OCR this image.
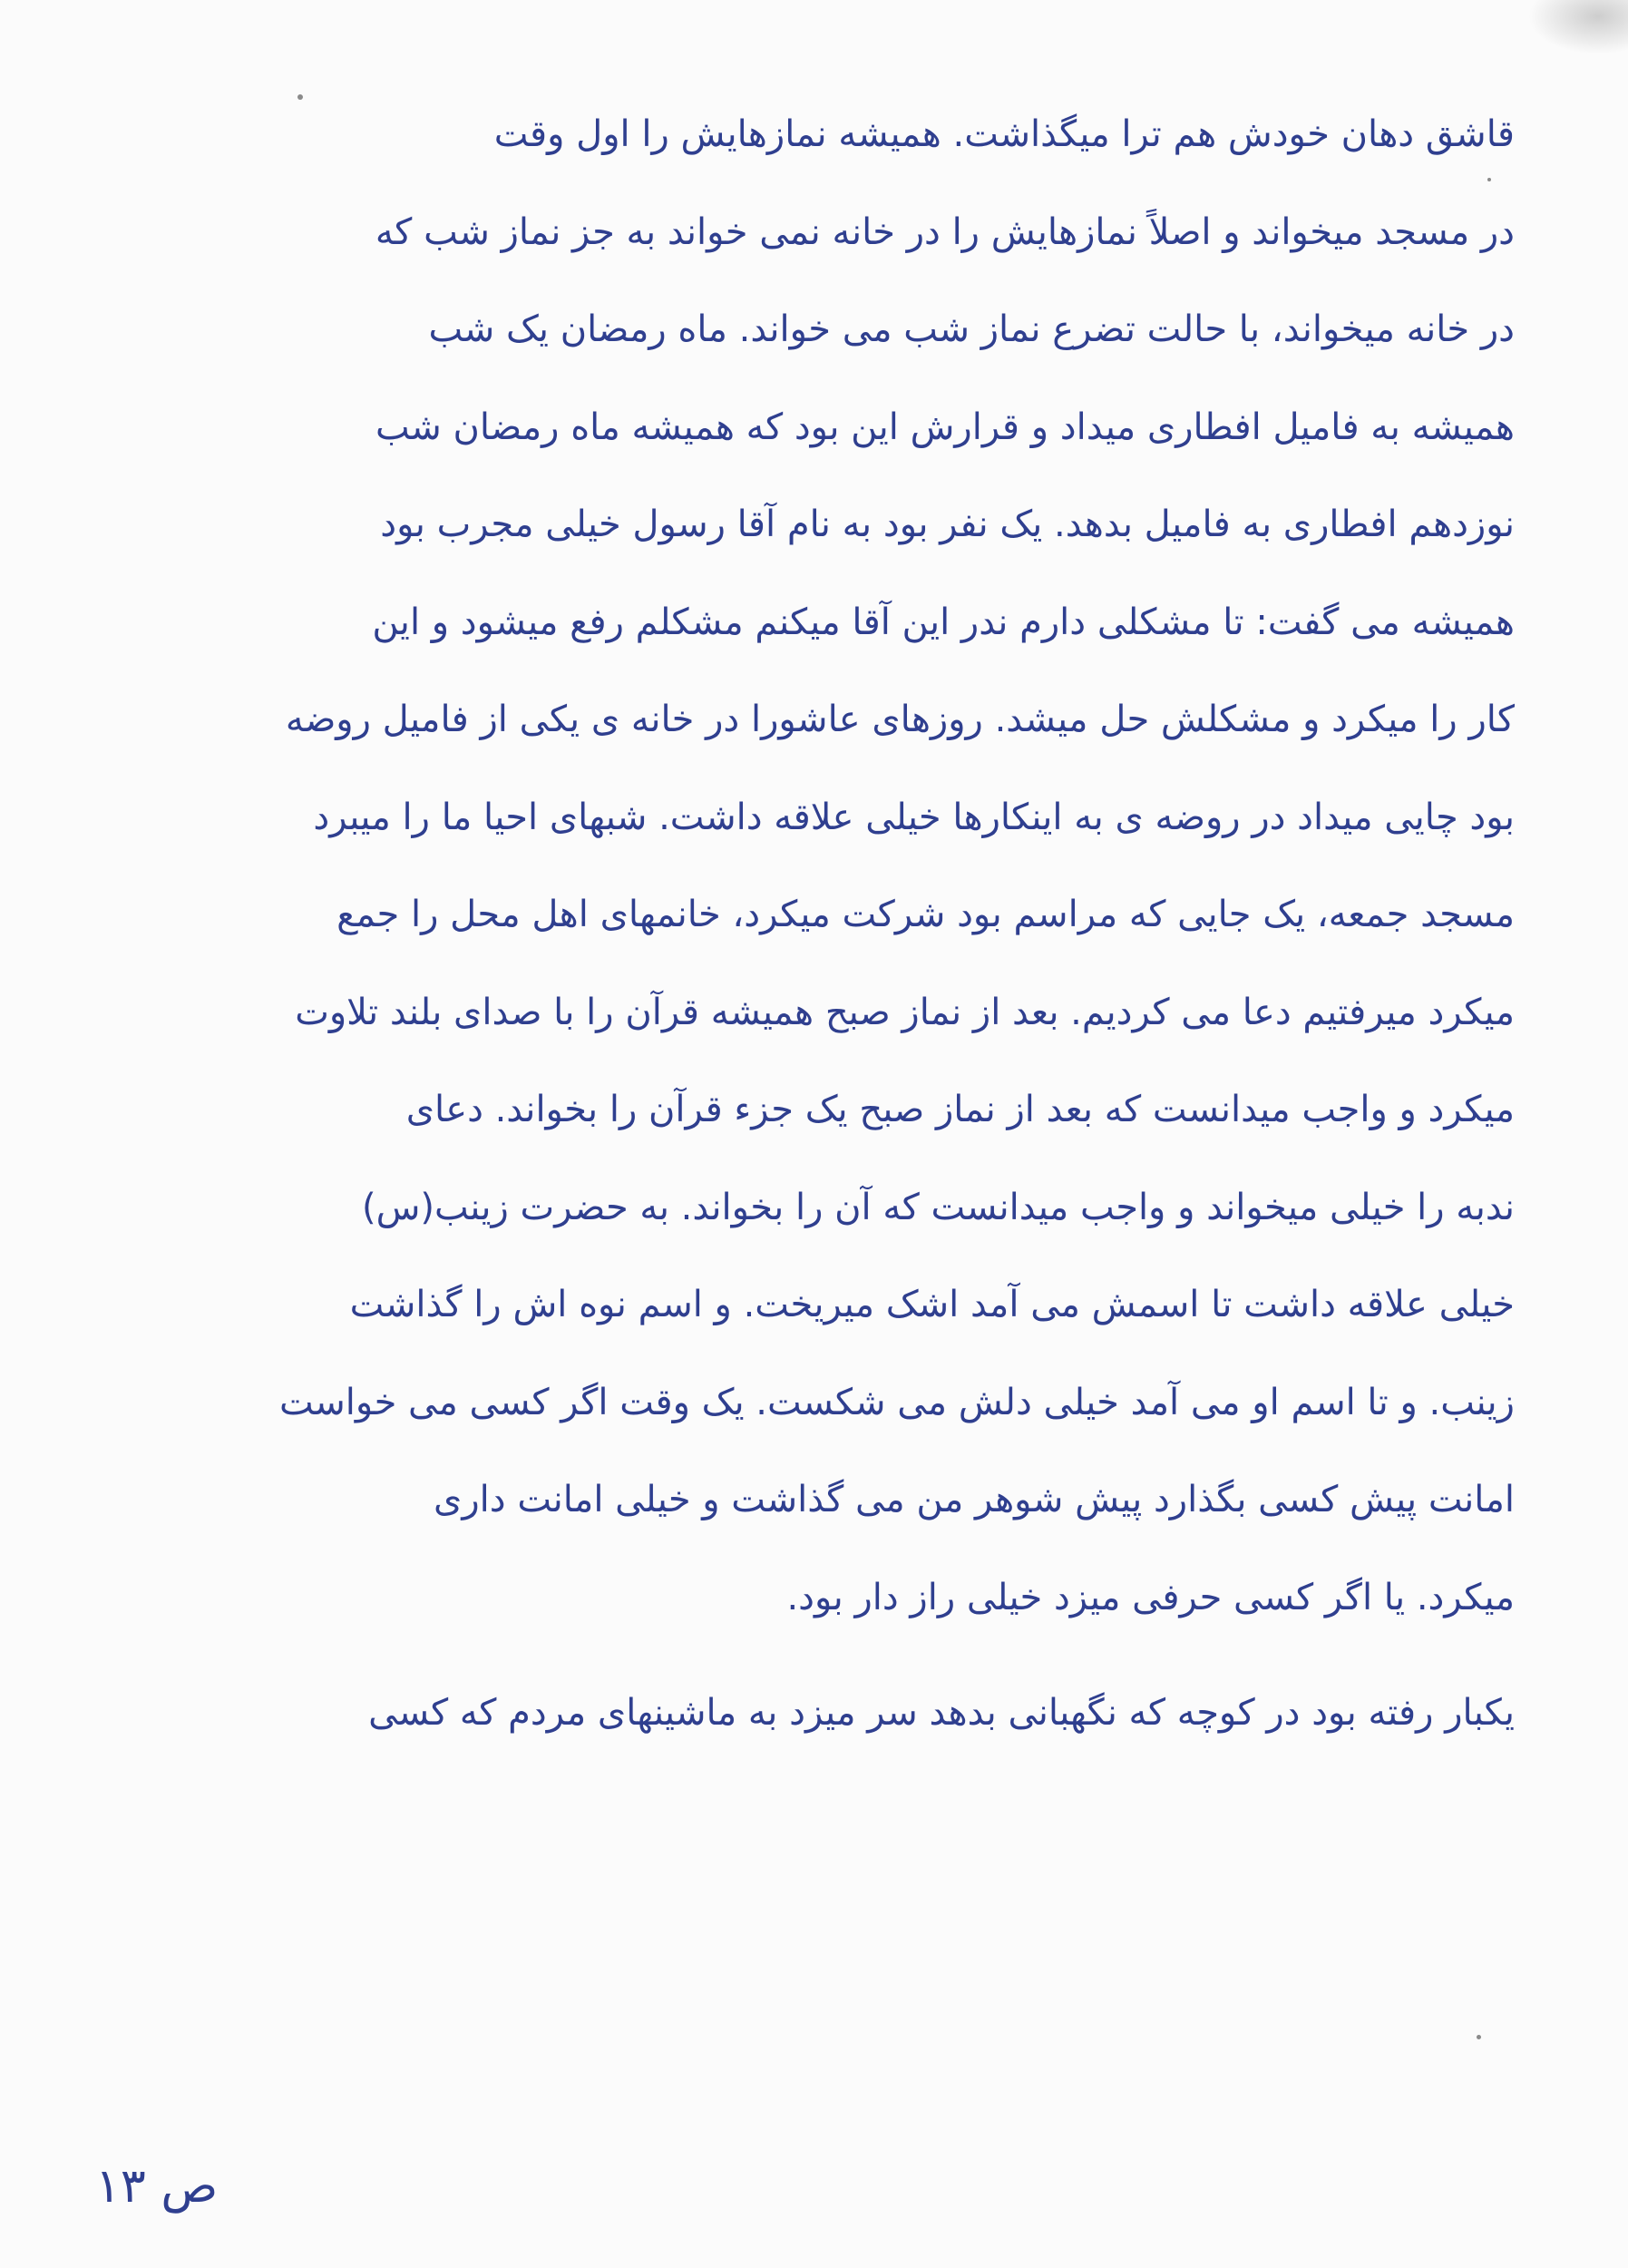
قاشق دهان خودش هم ترا میگذاشت. همیشه نمازهایش را اول وقت
در مسجد میخواند و اصلاً نمازهایش را در خانه نمی خواند به جز نماز شب که
در خانه میخواند، با حالت تضرع نماز شب می خواند. ماه رمضان یک شب
همیشه به فامیل افطاری میداد و قرارش این بود که همیشه ماه رمضان شب
نوزدهم افطاری به فامیل بدهد. یک نفر بود به نام آقا رسول خیلی مجرب بود
همیشه می گفت: تا مشکلی دارم ندر این آقا میکنم مشکلم رفع میشود و این
کار را میکرد و مشکلش حل میشد. روزهای عاشورا در خانه ی یکی از فامیل روضه
بود چایی میداد در روضه ی به اینکارها خیلی علاقه داشت. شبهای احیا ما را میبرد
مسجد جمعه، یک جایی که مراسم بود شرکت میکرد، خانمهای اهل محل را جمع
میکرد میرفتیم دعا می کردیم. بعد از نماز صبح همیشه قرآن را با صدای بلند تلاوت
میکرد و واجب میدانست که بعد از نماز صبح یک جزء قرآن را بخواند. دعای
ندبه را خیلی میخواند و واجب میدانست که آن را بخواند. به حضرت زینب(س)
خیلی علاقه داشت تا اسمش می آمد اشک میریخت. و اسم نوه اش را گذاشت
زینب. و تا اسم او می آمد خیلی دلش می شکست. یک وقت اگر کسی می خواست
امانت پیش کسی بگذارد پیش شوهر من می گذاشت و خیلی امانت داری
میکرد. یا اگر کسی حرفی میزد خیلی راز دار بود.
یکبار رفته بود در کوچه که نگهبانی بدهد سر میزد به ماشینهای مردم که کسی
ص ۱۳
